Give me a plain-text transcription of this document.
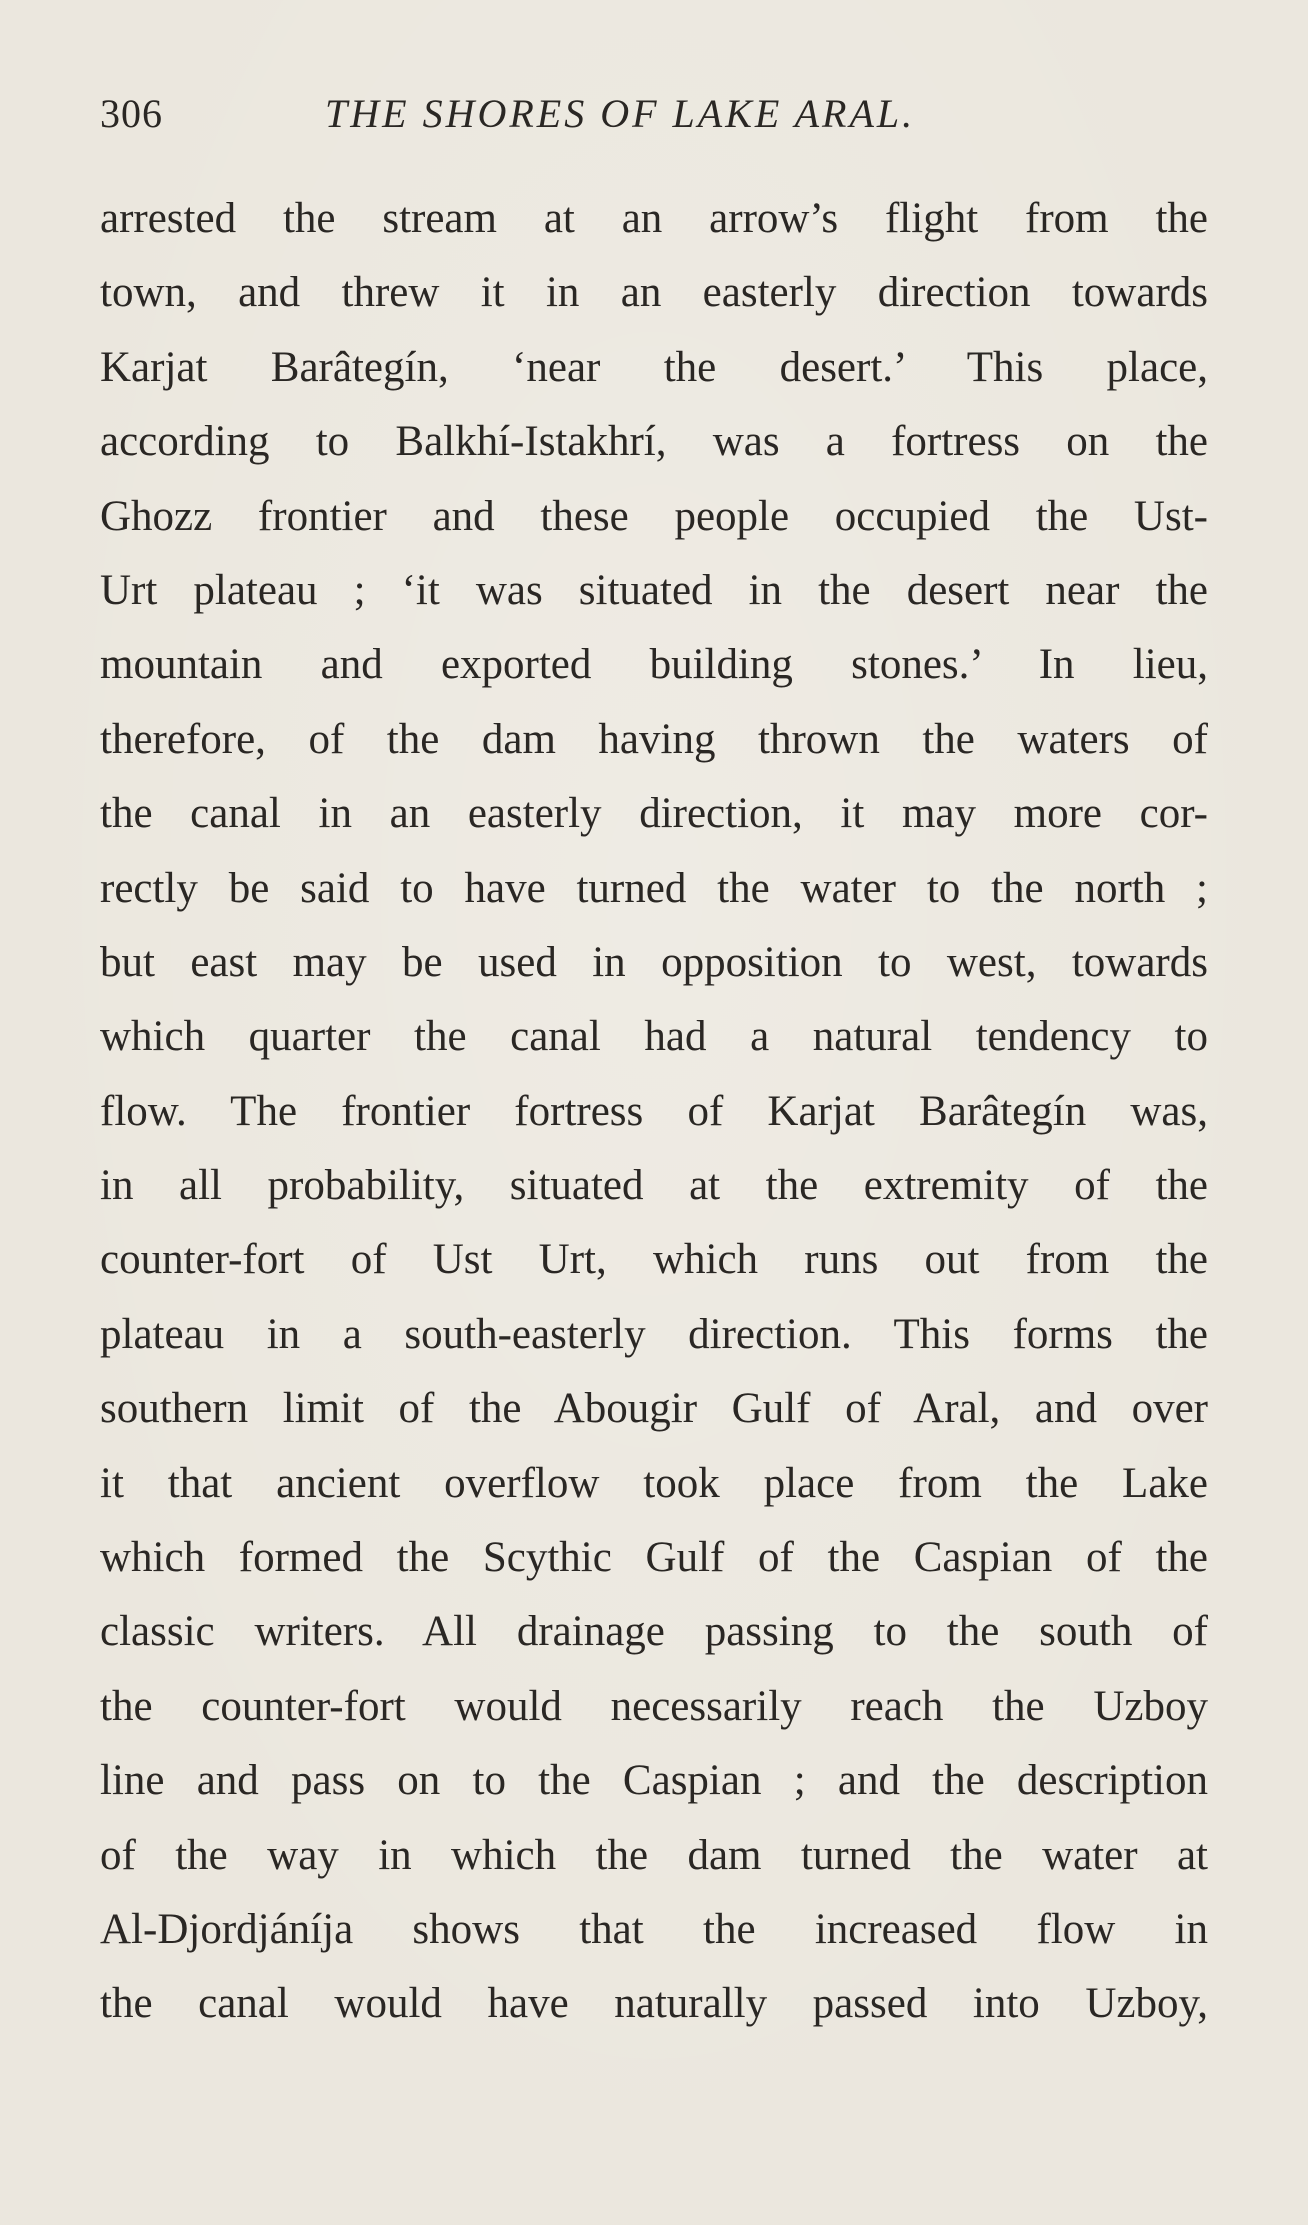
306	THE SHORES OF LAKE ARAL.
arrested the stream at an arrow’s flight from the
town, and threw it in an easterly direction towards
Karjat Barâtegín, ‘near the desert.’ This place,
according to Balkhí-Istakhrí, was a fortress on the
Ghozz frontier and these people occupied the Ust-
Urt plateau ; ‘it was situated in the desert near the
mountain and exported building stones.’ In lieu,
therefore, of the dam having thrown the waters of
the canal in an easterly direction, it may more cor-
rectly be said to have turned the water to the north ;
but east may be used in opposition to west, towards
which quarter the canal had a natural tendency to
flow. The frontier fortress of Karjat Barâtegín was,
in all probability, situated at the extremity of the
counter-fort of Ust Urt, which runs out from the
plateau in a south-easterly direction. This forms the
southern limit of the Abougir Gulf of Aral, and over
it that ancient overflow took place from the Lake
which formed the Scythic Gulf of the Caspian of the
classic writers. All drainage passing to the south of
the counter-fort would necessarily reach the Uzboy
line and pass on to the Caspian ; and the description
of the way in which the dam turned the water at
Al-Djordjáníja shows that the increased flow in
the canal would have naturally passed into Uzboy,
